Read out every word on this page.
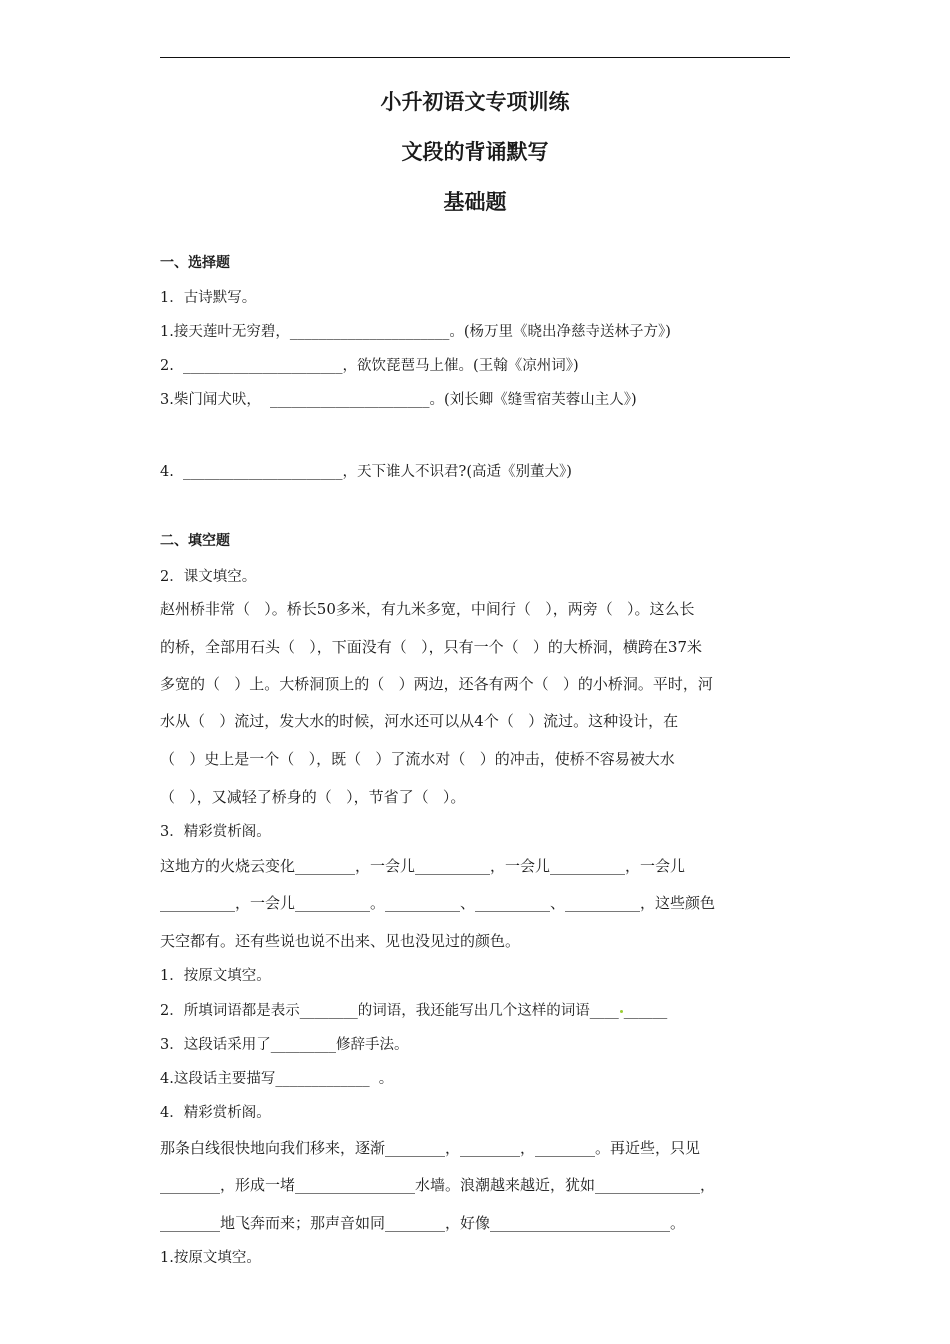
小升初语文专项训练
文段的背诵默写
基础题
一、选择题
1．古诗默写。
1.接天莲叶无穷碧，______________________。(杨万里《晓出净慈寺送林子方》)
2.  ______________________，欲饮琵琶马上催。(王翰《凉州词》)
3.柴门闻犬吠，  ______________________。(刘长卿《缝雪宿芙蓉山主人》)
4.  ______________________，天下谁人不识君?(高适《别董大》)
二、填空题
2．课文填空。
赵州桥非常（   ）。桥长50多米，有九米多宽，中间行（   ），两旁（   ）。这么长
的桥，全部用石头（   ），下面没有（   ），只有一个（   ）的大桥洞，横跨在37米
多宽的（   ）上。大桥洞顶上的（   ）两边，还各有两个（   ）的小桥洞。平时，河
水从（   ）流过，发大水的时候，河水还可以从4个（   ）流过。这种设计，在
（   ）史上是一个（   ），既（   ）了流水对（   ）的冲击，使桥不容易被大水
（   ），又减轻了桥身的（   ），节省了（   ）。
3．精彩赏析阁。
这地方的火烧云变化________，一会儿__________，一会儿__________，一会儿
__________，一会儿__________。__________、__________、__________，这些颜色
天空都有。还有些说也说不出来、见也没见过的颜色。
1．按原文填空。
2．所填词语都是表示________的词语，我还能写出几个这样的词语____ ______
3．这段话采用了_________修辞手法。
4.这段话主要描写_____________  。
4．精彩赏析阁。
那条白线很快地向我们移来，逐渐________，________，________。再近些，只见
________，形成一堵________________水墙。浪潮越来越近，犹如______________，
________地飞奔而来；那声音如同________，好像________________________。
1.按原文填空。
